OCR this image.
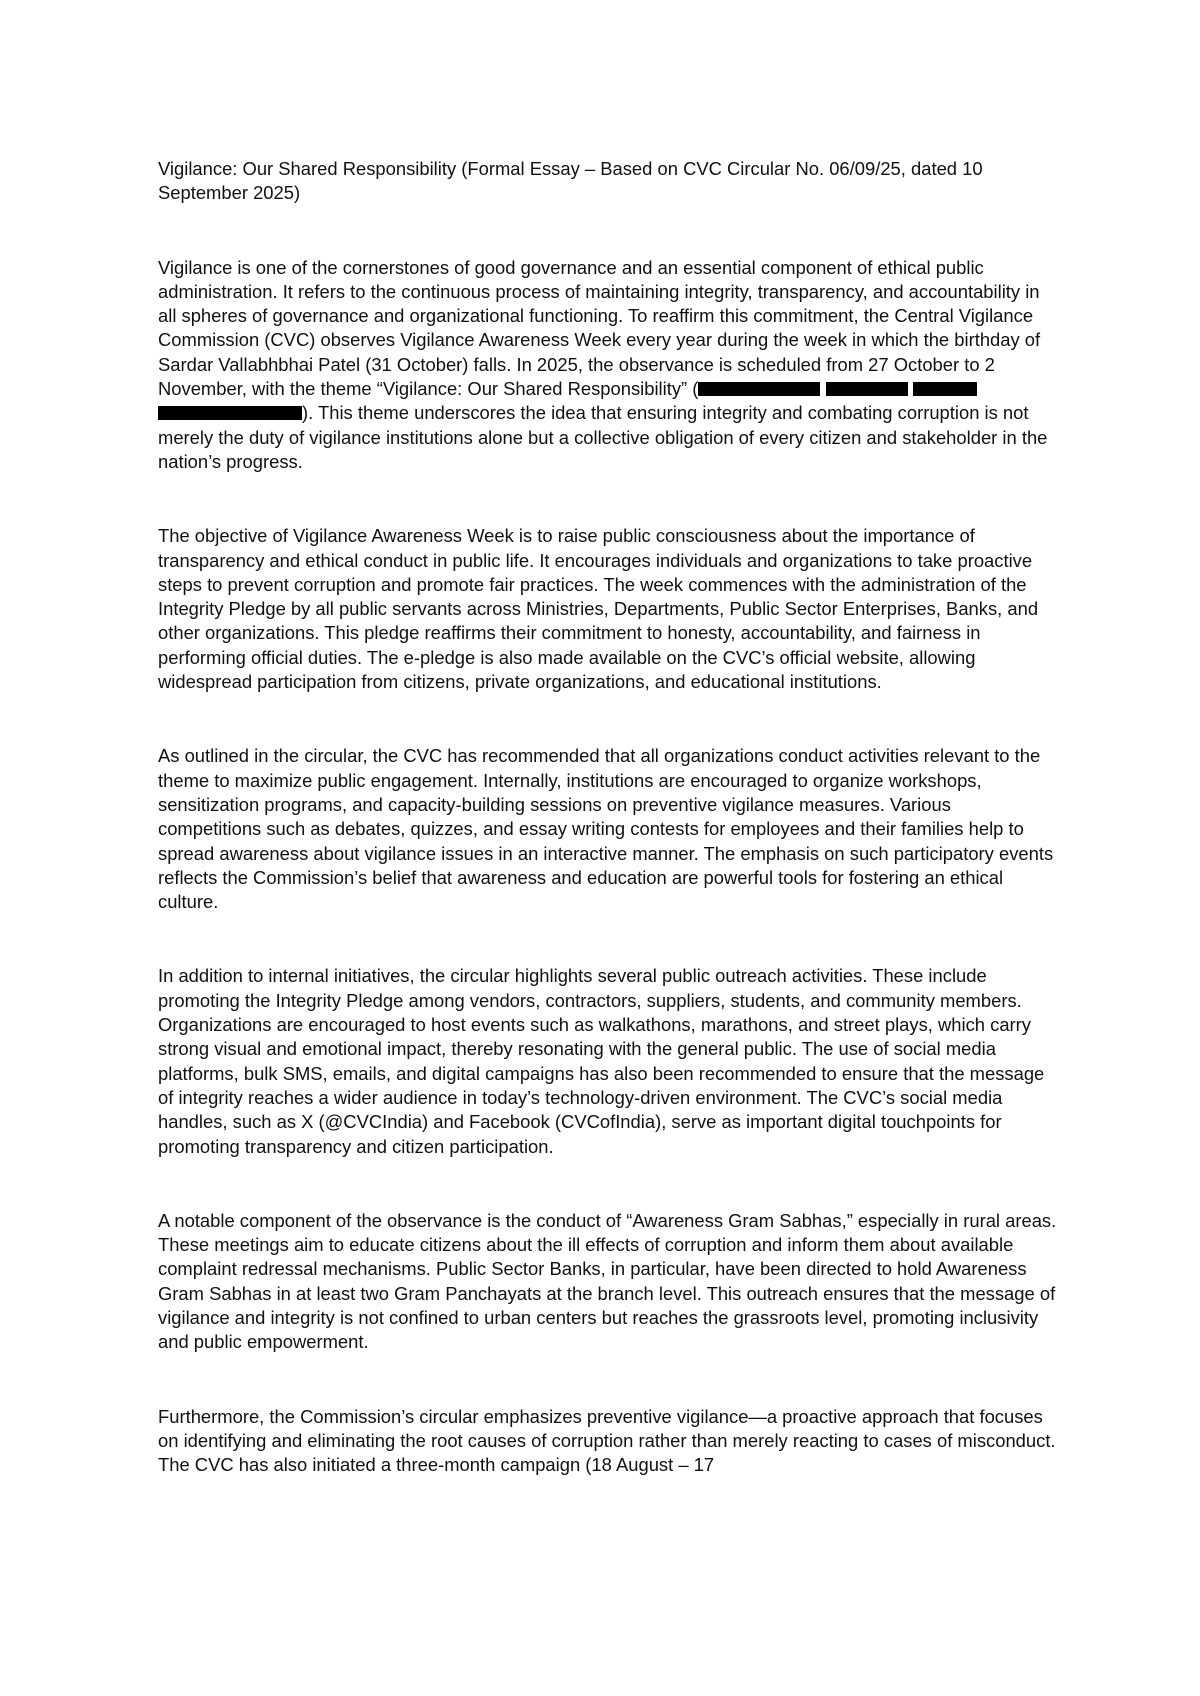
Vigilance: Our Shared Responsibility (Formal Essay – Based on CVC Circular No. 06/09/25, dated 10 September 2025)

Vigilance is one of the cornerstones of good governance and an essential component of ethical public administration. It refers to the continuous process of maintaining integrity, transparency, and accountability in all spheres of governance and organizational functioning. To reaffirm this commitment, the Central Vigilance Commission (CVC) observes Vigilance Awareness Week every year during the week in which the birthday of Sardar Vallabhbhai Patel (31 October) falls. In 2025, the observance is scheduled from 27 October to 2 November, with the theme “Vigilance: Our Shared Responsibility” (   ). This theme underscores the idea that ensuring integrity and combating corruption is not merely the duty of vigilance institutions alone but a collective obligation of every citizen and stakeholder in the nation’s progress.

The objective of Vigilance Awareness Week is to raise public consciousness about the importance of transparency and ethical conduct in public life. It encourages individuals and organizations to take proactive steps to prevent corruption and promote fair practices. The week commences with the administration of the Integrity Pledge by all public servants across Ministries, Departments, Public Sector Enterprises, Banks, and other organizations. This pledge reaffirms their commitment to honesty, accountability, and fairness in performing official duties. The e-pledge is also made available on the CVC’s official website, allowing widespread participation from citizens, private organizations, and educational institutions.

As outlined in the circular, the CVC has recommended that all organizations conduct activities relevant to the theme to maximize public engagement. Internally, institutions are encouraged to organize workshops, sensitization programs, and capacity-building sessions on preventive vigilance measures. Various competitions such as debates, quizzes, and essay writing contests for employees and their families help to spread awareness about vigilance issues in an interactive manner. The emphasis on such participatory events reflects the Commission’s belief that awareness and education are powerful tools for fostering an ethical culture.

In addition to internal initiatives, the circular highlights several public outreach activities. These include promoting the Integrity Pledge among vendors, contractors, suppliers, students, and community members. Organizations are encouraged to host events such as walkathons, marathons, and street plays, which carry strong visual and emotional impact, thereby resonating with the general public. The use of social media platforms, bulk SMS, emails, and digital campaigns has also been recommended to ensure that the message of integrity reaches a wider audience in today’s technology-driven environment. The CVC’s social media handles, such as X (@CVCIndia) and Facebook (CVCofIndia), serve as important digital touchpoints for promoting transparency and citizen participation.

A notable component of the observance is the conduct of “Awareness Gram Sabhas,” especially in rural areas. These meetings aim to educate citizens about the ill effects of corruption and inform them about available complaint redressal mechanisms. Public Sector Banks, in particular, have been directed to hold Awareness Gram Sabhas in at least two Gram Panchayats at the branch level. This outreach ensures that the message of vigilance and integrity is not confined to urban centers but reaches the grassroots level, promoting inclusivity and public empowerment.

Furthermore, the Commission’s circular emphasizes preventive vigilance—a proactive approach that focuses on identifying and eliminating the root causes of corruption rather than merely reacting to cases of misconduct. The CVC has also initiated a three-month campaign (18 August – 17
